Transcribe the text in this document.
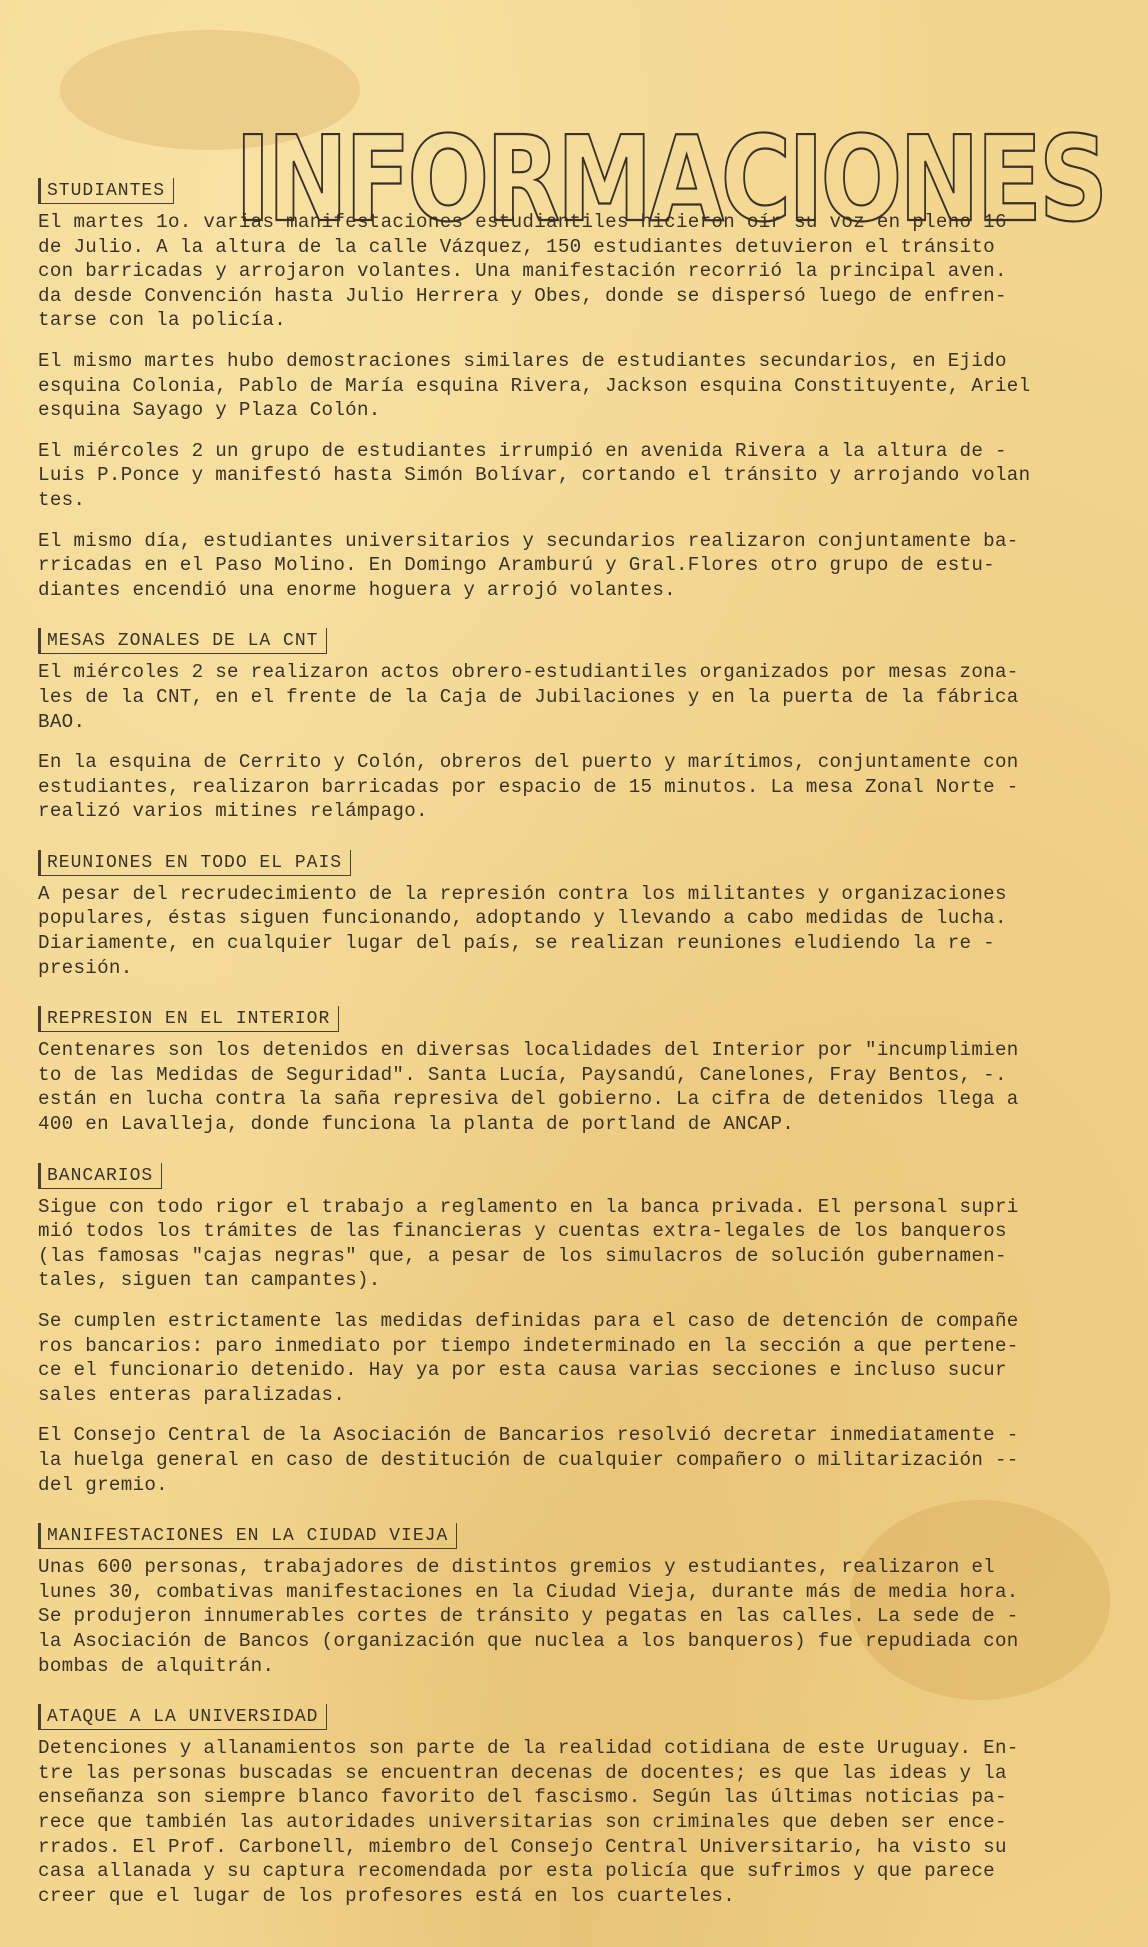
INFORMACIONES
STUDIANTES
El martes 1o. varias manifestaciones estudiantiles hicieron oír su voz en pleno 16
de Julio. A la altura de la calle Vázquez, 150 estudiantes detuvieron el tránsito
con barricadas y arrojaron volantes. Una manifestación recorrió la principal aven.
da desde Convención hasta Julio Herrera y Obes, donde se dispersó luego de enfren-
tarse con la policía.
El mismo martes hubo demostraciones similares de estudiantes secundarios, en Ejido
esquina Colonia, Pablo de María esquina Rivera, Jackson esquina Constituyente, Ariel
esquina Sayago y Plaza Colón.
El miércoles 2 un grupo de estudiantes irrumpió en avenida Rivera a la altura de -
Luis P.Ponce y manifestó hasta Simón Bolívar, cortando el tránsito y arrojando volan
tes.
El mismo día, estudiantes universitarios y secundarios realizaron conjuntamente ba-
rricadas en el Paso Molino. En Domingo Aramburú y Gral.Flores otro grupo de estu-
diantes encendió una enorme hoguera y arrojó volantes.
MESAS ZONALES DE LA CNT
El miércoles 2 se realizaron actos obrero-estudiantiles organizados por mesas zona-
les de la CNT, en el frente de la Caja de Jubilaciones y en la puerta de la fábrica
BAO.
En la esquina de Cerrito y Colón, obreros del puerto y marítimos, conjuntamente con
estudiantes, realizaron barricadas por espacio de 15 minutos. La mesa Zonal Norte -
realizó varios mitines relámpago.
REUNIONES EN TODO EL PAIS
A pesar del recrudecimiento de la represión contra los militantes y organizaciones
populares, éstas siguen funcionando, adoptando y llevando a cabo medidas de lucha.
Diariamente, en cualquier lugar del país, se realizan reuniones eludiendo la re -
presión.
REPRESION EN EL INTERIOR
Centenares son los detenidos en diversas localidades del Interior por "incumplimien
to de las Medidas de Seguridad". Santa Lucía, Paysandú, Canelones, Fray Bentos, -.
están en lucha contra la saña represiva del gobierno. La cifra de detenidos llega a
400 en Lavalleja, donde funciona la planta de portland de ANCAP.
BANCARIOS
Sigue con todo rigor el trabajo a reglamento en la banca privada. El personal supri
mió todos los trámites de las financieras y cuentas extra-legales de los banqueros
(las famosas "cajas negras" que, a pesar de los simulacros de solución gubernamen-
tales, siguen tan campantes).
Se cumplen estrictamente las medidas definidas para el caso de detención de compañe
ros bancarios: paro inmediato por tiempo indeterminado en la sección a que pertene-
ce el funcionario detenido. Hay ya por esta causa varias secciones e incluso sucur
sales enteras paralizadas.
El Consejo Central de la Asociación de Bancarios resolvió decretar inmediatamente -
la huelga general en caso de destitución de cualquier compañero o militarización --
del gremio.
MANIFESTACIONES EN LA CIUDAD VIEJA
Unas 600 personas, trabajadores de distintos gremios y estudiantes, realizaron el
lunes 30, combativas manifestaciones en la Ciudad Vieja, durante más de media hora.
Se produjeron innumerables cortes de tránsito y pegatas en las calles. La sede de -
la Asociación de Bancos (organización que nuclea a los banqueros) fue repudiada con
bombas de alquitrán.
ATAQUE A LA UNIVERSIDAD
Detenciones y allanamientos son parte de la realidad cotidiana de este Uruguay. En-
tre las personas buscadas se encuentran decenas de docentes; es que las ideas y la
enseñanza son siempre blanco favorito del fascismo. Según las últimas noticias pa-
rece que también las autoridades universitarias son criminales que deben ser ence-
rrados. El Prof. Carbonell, miembro del Consejo Central Universitario, ha visto su
casa allanada y su captura recomendada por esta policía que sufrimos y que parece
creer que el lugar de los profesores está en los cuarteles.
